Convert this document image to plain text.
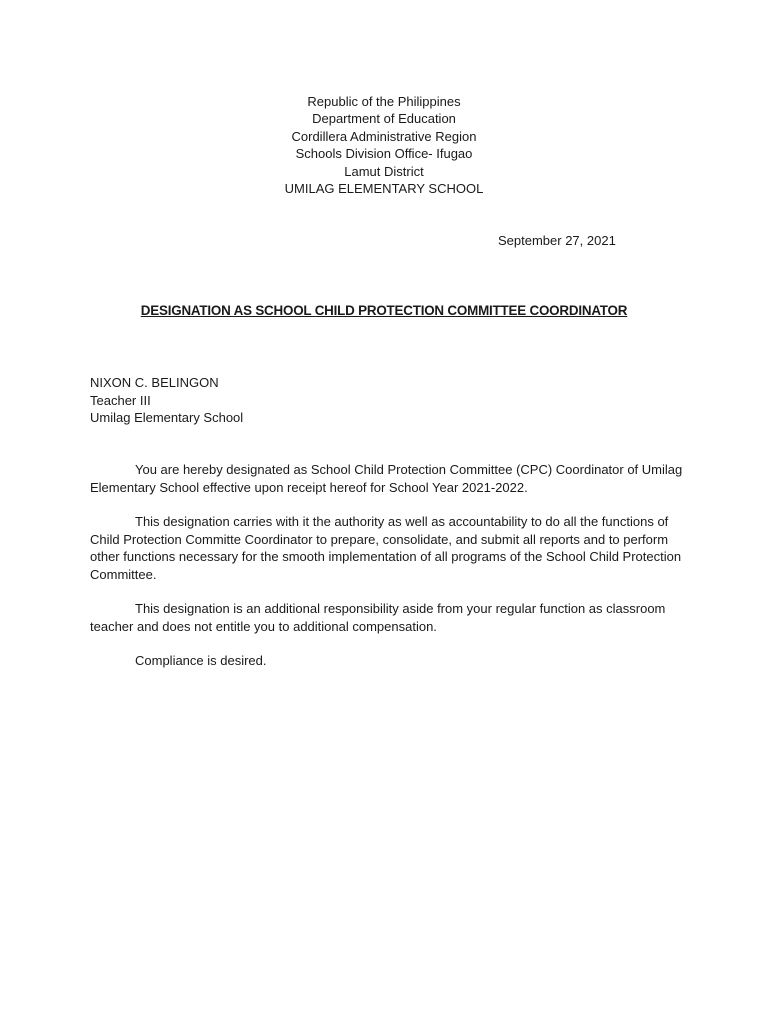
Republic of the Philippines
Department of Education
Cordillera Administrative Region
Schools Division Office- Ifugao
Lamut District
UMILAG ELEMENTARY SCHOOL
September 27, 2021
DESIGNATION AS SCHOOL CHILD PROTECTION COMMITTEE COORDINATOR
NIXON C. BELINGON
Teacher III
Umilag Elementary School
You are hereby designated as School Child Protection Committee (CPC) Coordinator of Umilag
Elementary School effective upon receipt hereof for School Year 2021-2022.
This designation carries with it the authority as well as accountability to do all the functions of
Child Protection Committe Coordinator to prepare, consolidate, and submit all reports and to perform
other functions necessary for the smooth implementation of all programs of the School Child Protection
Committee.
This designation is an additional responsibility aside from your regular function as classroom
teacher and does not entitle you to additional compensation.
Compliance is desired.
